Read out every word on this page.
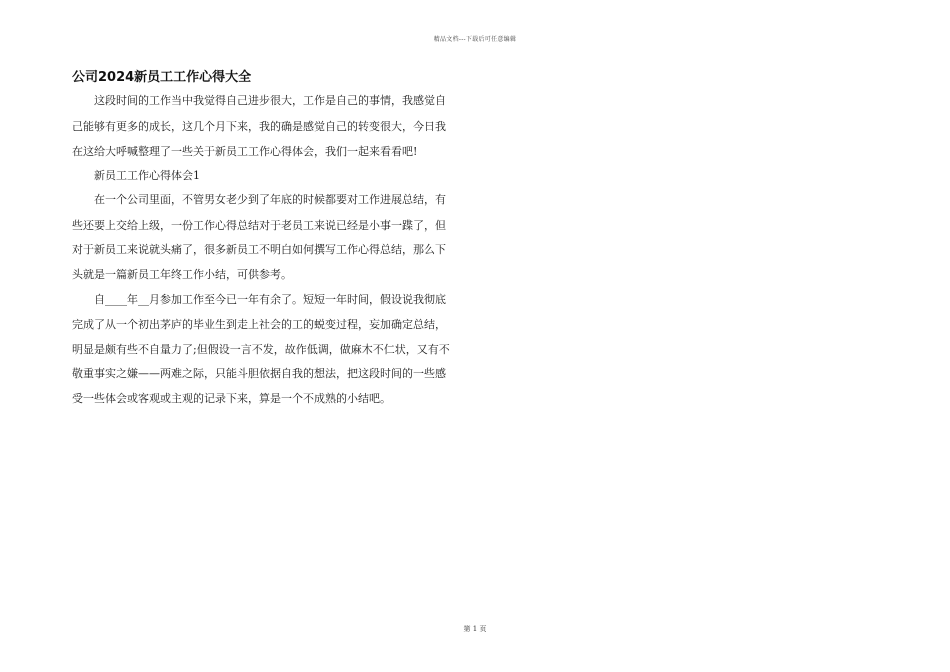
精品文档---下载后可任意编辑
公司2024新员工工作心得大全
　　这段时间的工作当中我觉得自己进步很大，工作是自己的事情，我感觉自
己能够有更多的成长，这几个月下来，我的确是感觉自己的转变很大，今日我
在这给大呼喊整理了一些关于新员工工作心得体会，我们一起来看看吧!
　　新员工工作心得体会1
　　在一个公司里面，不管男女老少到了年底的时候都要对工作进展总结，有
些还要上交给上级，一份工作心得总结对于老员工来说已经是小事一蹀了，但
对于新员工来说就头痛了，很多新员工不明白如何撰写工作心得总结，那么下
头就是一篇新员工年终工作小结，可供参考。
　　自____年__月参加工作至今已一年有余了。短短一年时间，假设说我彻底
完成了从一个初出茅庐的毕业生到走上社会的工的蜕变过程，妄加确定总结，
明显是颇有些不自量力了;但假设一言不发，故作低调，做麻木不仁状，又有不
敬重事实之嫌——两难之际，只能斗胆依据自我的想法，把这段时间的一些感
受一些体会或客观或主观的记录下来，算是一个不成熟的小结吧。
第 1 页
